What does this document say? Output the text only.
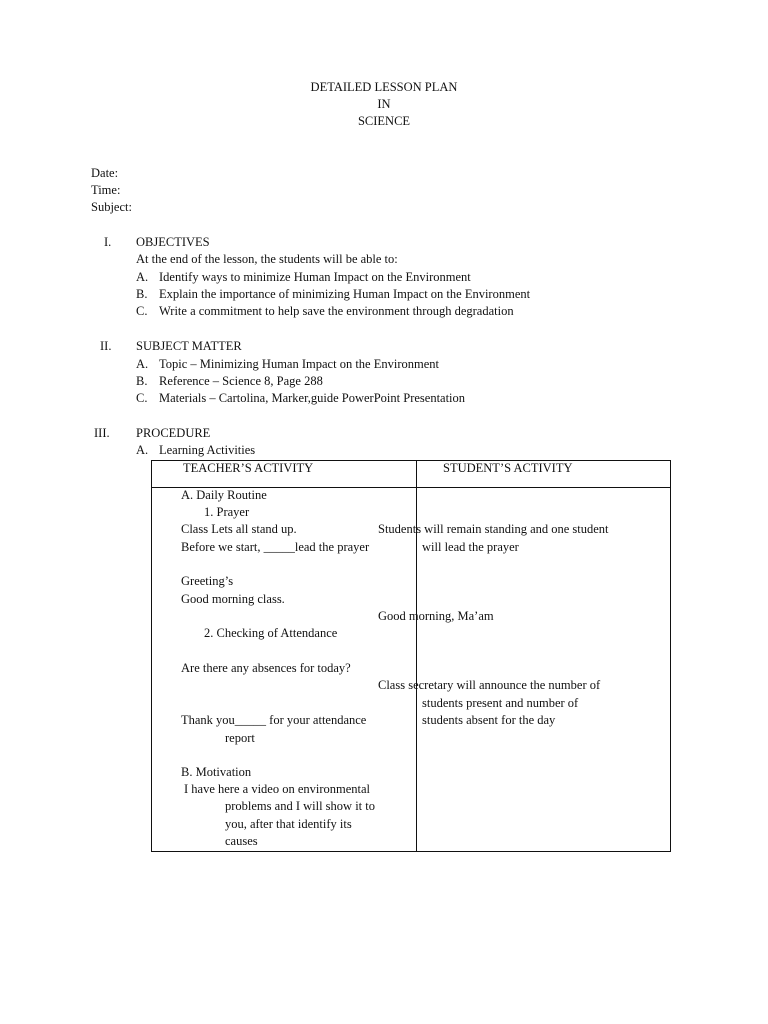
DETAILED LESSON PLAN
IN
SCIENCE
Date:
Time:
Subject:
I. OBJECTIVES
At the end of the lesson, the students will be able to:
A. Identify ways to minimize Human Impact on the Environment
B. Explain the importance of minimizing Human Impact on the Environment
C. Write a commitment to help save the environment through degradation
II. SUBJECT MATTER
A. Topic – Minimizing Human Impact on the Environment
B. Reference – Science 8, Page 288
C. Materials – Cartolina, Marker,guide PowerPoint Presentation
III. PROCEDURE
A. Learning Activities
TEACHER’S ACTIVITY	STUDENT’S ACTIVITY
A. Daily Routine
1. Prayer
Class Lets all stand up.
Before we start, _____lead the prayer
Greeting’s
Good morning class.
2. Checking of Attendance
Are there any absences for today?
Thank you_____ for your attendance
report
B. Motivation
I have here a video on environmental
problems and I will show it to
you, after that identify its
causes
Students will remain standing and one student
will lead the prayer
Good morning, Ma’am
Class secretary will announce the number of
students present and number of
students absent for the day
